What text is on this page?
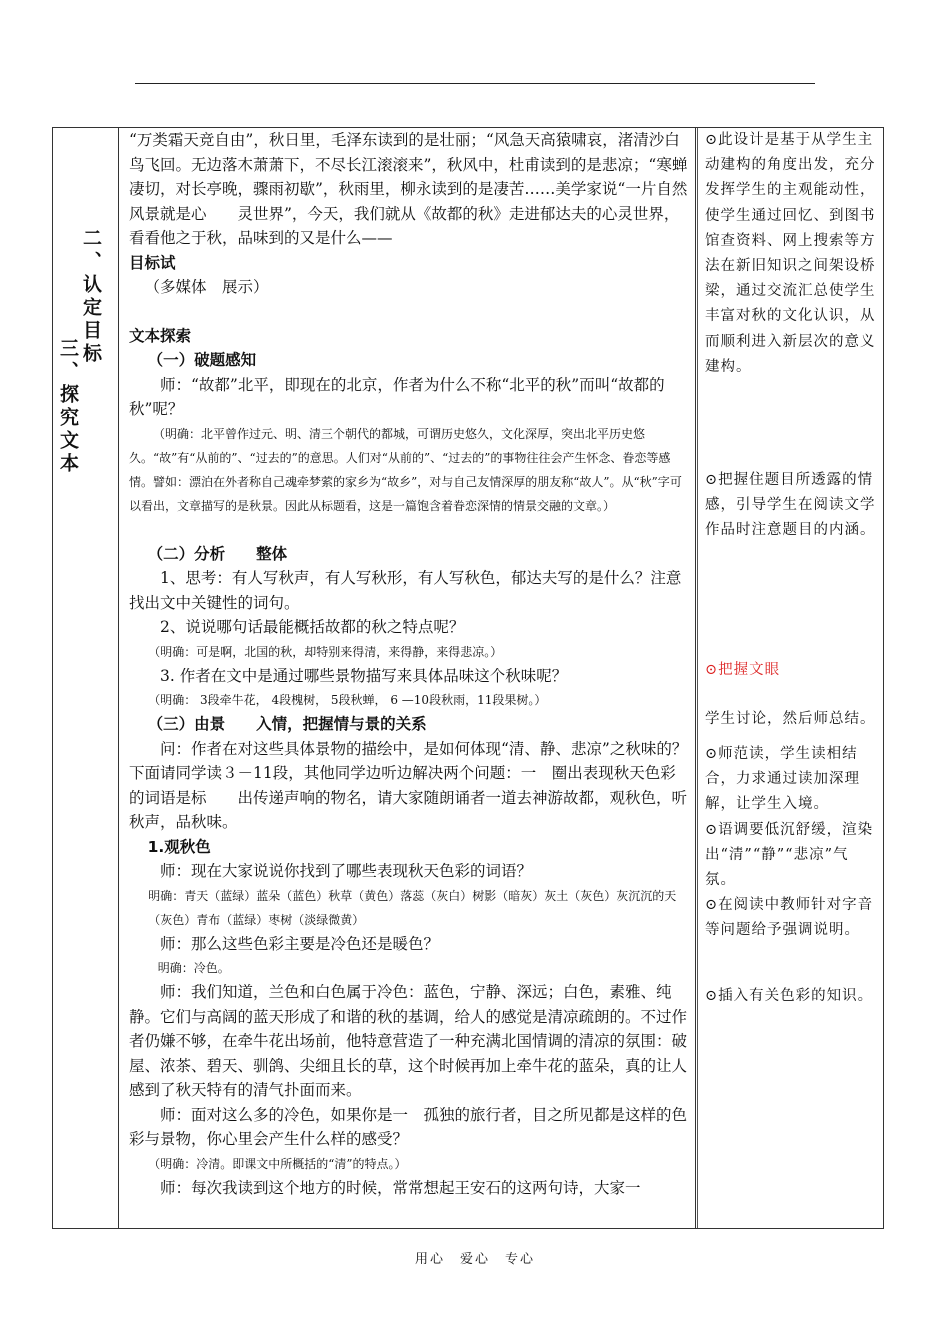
二、认定目标
三、探究文本

“万类霜天竞自由”，秋日里，毛泽东读到的是壮丽；“风急天高猿啸哀，渚清沙白鸟飞回。无边落木萧萧下，不尽长江滚滚来”，秋风中，杜甫读到的是悲凉；“寒蝉凄切，对长亭晚，骤雨初歇”，秋雨里，柳永读到的是凄苦……美学家说“一片自然风景就是心　　灵世界”，今天，我们就从《故都的秋》走进郁达夫的心灵世界，看看他之于秋，品味到的又是什么——

目标试

（多媒体　展示）

文本探索

（一）破题感知

师：“故都”北平，即现在的北京，作者为什么不称“北平的秋”而叫“故都的秋”呢？

（明确：北平曾作过元、明、清三个朝代的都城，可谓历史悠久，文化深厚，突出北平历史悠久。“故”有“从前的”、“过去的”的意思。人们对“从前的”、“过去的”的事物往往会产生怀念、眷恋等感情。譬如：漂泊在外者称自己魂牵梦萦的家乡为“故乡”，对与自己友情深厚的朋友称“故人”。从“秋”字可以看出，文章描写的是秋景。因此从标题看，这是一篇饱含着眷恋深情的情景交融的文章。）

（二）分析　　整体

1、思考：有人写秋声，有人写秋形，有人写秋色，郁达夫写的是什么？注意找出文中关键性的词句。

2、说说哪句话最能概括故都的秋之特点呢？

（明确：可是啊，北国的秋，却特别来得清，来得静，来得悲凉。）

3. 作者在文中是通过哪些景物描写来具体品味这个秋味呢？

（明确： 3段牵牛花， 4段槐树， 5段秋蝉， 6 —10段秋雨，11段果树。）

（三）由景　　入情，把握情与景的关系

问：作者在对这些具体景物的描绘中，是如何体现“清、静、悲凉”之秋味的？下面请同学读３－11段，其他同学边听边解决两个问题：一　圈出表现秋天色彩的词语是标　　出传递声响的物名，请大家随朗诵者一道去神游故都，观秋色，听秋声，品秋味。

1.观秋色

师：现在大家说说你找到了哪些表现秋天色彩的词语？

明确：青天（蓝绿）蓝朵（蓝色）秋草（黄色）落蕊（灰白）树影（暗灰）灰土（灰色）灰沉沉的天（灰色）青布（蓝绿）枣树（淡绿微黄）

师：那么这些色彩主要是冷色还是暖色？

明确：冷色。

师：我们知道，兰色和白色属于冷色：蓝色，宁静、深远；白色，素雅、纯静。它们与高阔的蓝天形成了和谐的秋的基调，给人的感觉是清凉疏朗的。不过作者仍嫌不够，在牵牛花出场前，他特意营造了一种充满北国情调的清凉的氛围：破屋、浓茶、碧天、驯鸽、尖细且长的草，这个时候再加上牵牛花的蓝朵，真的让人感到了秋天特有的清气扑面而来。

师：面对这么多的冷色，如果你是一　孤独的旅行者，目之所见都是这样的色彩与景物，你心里会产生什么样的感受？

（明确：冷清。即课文中所概括的“清”的特点。）

师：每次我读到这个地方的时候，常常想起王安石的这两句诗，大家一

⊙此设计是基于从学生主动建构的角度出发，充分发挥学生的主观能动性，使学生通过回忆、到图书馆查资料、网上搜索等方法在新旧知识之间架设桥梁，通过交流汇总使学生丰富对秋的文化认识，从而顺利进入新层次的意义建构。

⊙把握住题目所透露的情感，引导学生在阅读文学作品时注意题目的内涵。

⊙把握文眼

学生讨论，然后师总结。

⊙师范读，学生读相结合，力求通过读加深理解，让学生入境。

⊙语调要低沉舒缓，渲染出“清”“静”“悲凉”气氛。

⊙在阅读中教师针对字音等问题给予强调说明。

⊙插入有关色彩的知识。

用心　爱心　专心
